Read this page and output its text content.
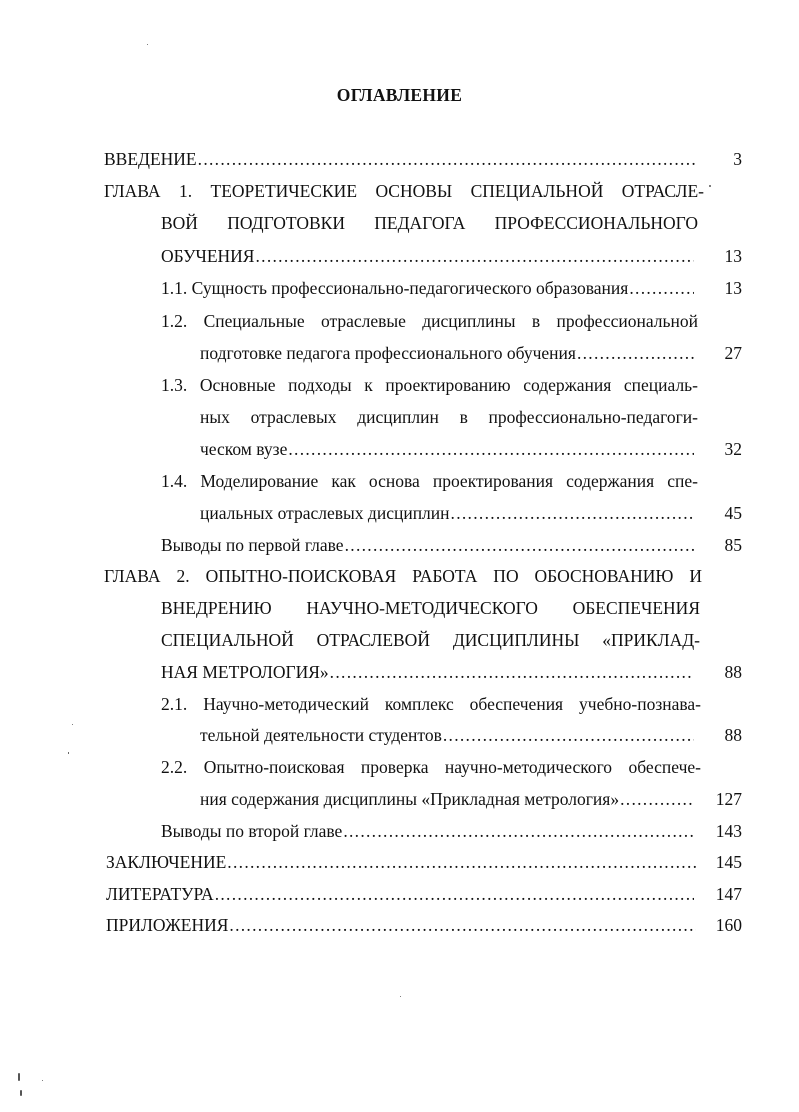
ОГЛАВЛЕНИЕ
ВВЕДЕНИЕ .....	3
ГЛАВА 1. ТЕОРЕТИЧЕСКИЕ ОСНОВЫ СПЕЦИАЛЬНОЙ ОТРАСЛЕ-
ВОЙ ПОДГОТОВКИ ПЕДАГОГА ПРОФЕССИОНАЛЬНОГО
ОБУЧЕНИЯ .....	13
1.1. Сущность профессионально-педагогического образования .....	13
1.2. Специальные отраслевые дисциплины в профессиональной
подготовке педагога профессионального обучения .....	27
1.3. Основные подходы к проектированию содержания специаль-
ных отраслевых дисциплин в профессионально-педагоги-
ческом вузе .....	32
1.4. Моделирование как основа проектирования содержания спе-
циальных отраслевых дисциплин .....	45
Выводы по первой главе .....	85
ГЛАВА 2. ОПЫТНО-ПОИСКОВАЯ РАБОТА ПО ОБОСНОВАНИЮ И
ВНЕДРЕНИЮ НАУЧНО-МЕТОДИЧЕСКОГО ОБЕСПЕЧЕНИЯ
СПЕЦИАЛЬНОЙ ОТРАСЛЕВОЙ ДИСЦИПЛИНЫ «ПРИКЛАД-
НАЯ МЕТРОЛОГИЯ» .....	88
2.1. Научно-методический комплекс обеспечения учебно-познава-
тельной деятельности студентов .....	88
2.2. Опытно-поисковая проверка научно-методического обеспече-
ния содержания дисциплины «Прикладная метрология» .....	127
Выводы по второй главе .....	143
ЗАКЛЮЧЕНИЕ .....	145
ЛИТЕРАТУРА .....	147
ПРИЛОЖЕНИЯ .....	160
